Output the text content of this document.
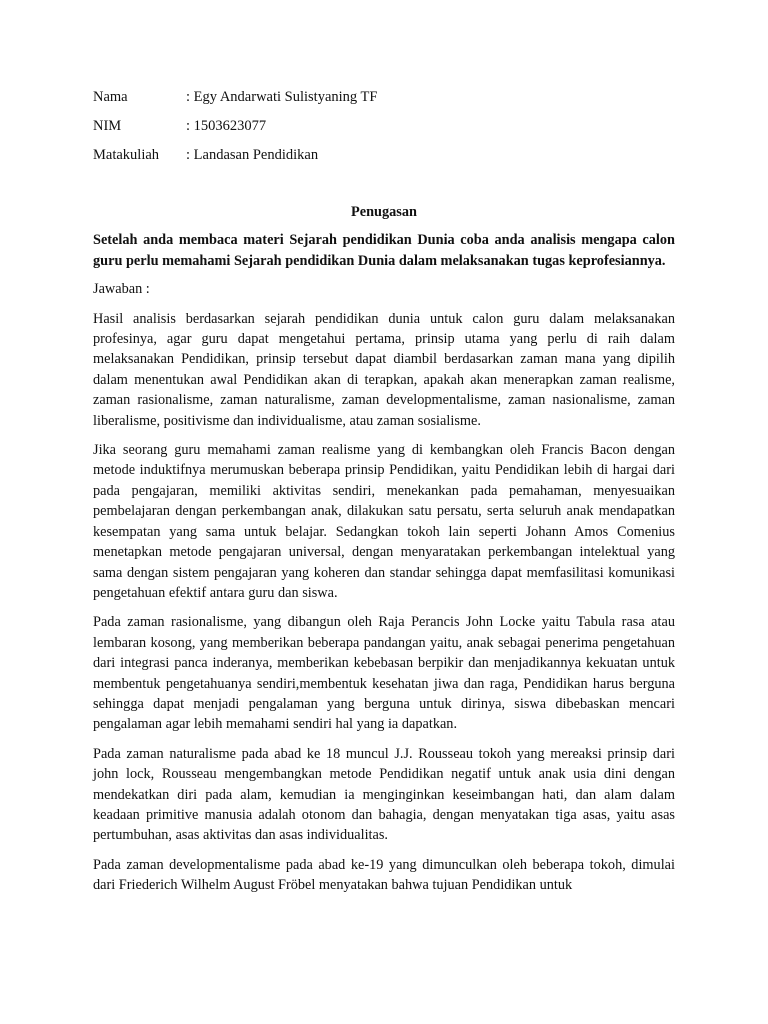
Nama	: Egy Andarwati Sulistyaning TF
NIM	: 1503623077
Matakuliah	: Landasan Pendidikan

Penugasan

Setelah anda membaca materi Sejarah pendidikan Dunia coba anda analisis mengapa calon guru perlu memahami Sejarah pendidikan Dunia dalam melaksanakan tugas keprofesiannya.

Jawaban :

Hasil analisis berdasarkan sejarah pendidikan dunia untuk calon guru dalam melaksanakan profesinya, agar guru dapat mengetahui pertama, prinsip utama yang perlu di raih dalam melaksanakan Pendidikan, prinsip tersebut dapat diambil berdasarkan zaman mana yang dipilih dalam menentukan awal Pendidikan akan di terapkan, apakah akan menerapkan zaman realisme, zaman rasionalisme, zaman naturalisme, zaman developmentalisme, zaman nasionalisme, zaman liberalisme, positivisme dan individualisme, atau zaman sosialisme.

Jika seorang guru memahami zaman realisme yang di kembangkan oleh Francis Bacon dengan metode induktifnya merumuskan beberapa prinsip Pendidikan, yaitu Pendidikan lebih di hargai dari pada pengajaran, memiliki aktivitas sendiri, menekankan pada pemahaman, menyesuaikan pembelajaran dengan perkembangan anak, dilakukan satu persatu, serta seluruh anak mendapatkan kesempatan yang sama untuk belajar. Sedangkan tokoh lain seperti Johann Amos Comenius menetapkan metode pengajaran universal, dengan menyaratakan perkembangan intelektual yang sama dengan sistem pengajaran yang koheren dan standar sehingga dapat memfasilitasi komunikasi pengetahuan efektif antara guru dan siswa.

Pada zaman rasionalisme, yang dibangun oleh Raja Perancis John Locke yaitu Tabula rasa atau lembaran kosong, yang memberikan beberapa pandangan yaitu, anak sebagai penerima pengetahuan dari integrasi panca inderanya, memberikan kebebasan berpikir dan menjadikannya kekuatan untuk membentuk pengetahuanya sendiri,membentuk kesehatan jiwa dan raga, Pendidikan harus berguna sehingga dapat menjadi pengalaman yang berguna untuk dirinya, siswa dibebaskan mencari pengalaman agar lebih memahami sendiri hal yang ia dapatkan.

Pada zaman naturalisme pada abad ke 18 muncul J.J. Rousseau tokoh yang mereaksi prinsip dari john lock, Rousseau mengembangkan metode Pendidikan negatif untuk anak usia dini dengan mendekatkan diri pada alam, kemudian ia menginginkan keseimbangan hati, dan alam dalam keadaan primitive manusia adalah otonom dan bahagia, dengan menyatakan tiga asas, yaitu asas pertumbuhan, asas aktivitas dan asas individualitas.

Pada zaman developmentalisme pada abad ke-19 yang dimunculkan oleh beberapa tokoh, dimulai dari Friederich Wilhelm August Fröbel menyatakan bahwa tujuan Pendidikan untuk
